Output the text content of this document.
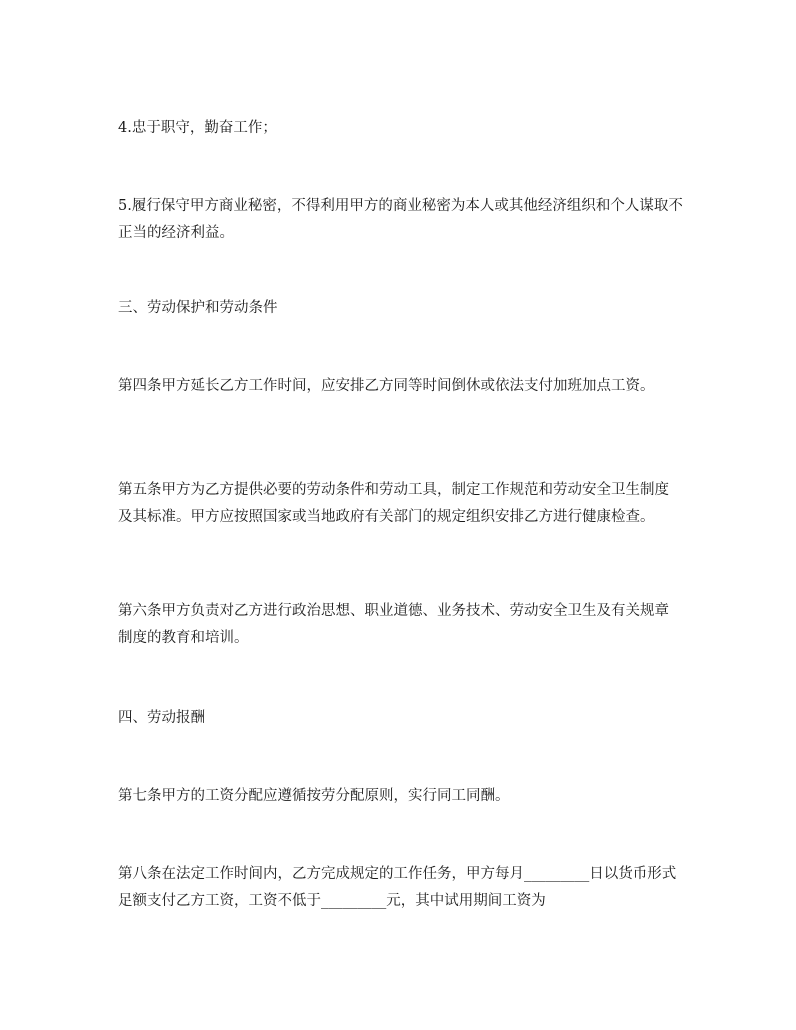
4.忠于职守，勤奋工作；

5.履行保守甲方商业秘密，不得利用甲方的商业秘密为本人或其他经济组织和个人谋取不正当的经济利益。

三、劳动保护和劳动条件

第四条甲方延长乙方工作时间，应安排乙方同等时间倒休或依法支付加班加点工资。

第五条甲方为乙方提供必要的劳动条件和劳动工具，制定工作规范和劳动安全卫生制度及其标准。甲方应按照国家或当地政府有关部门的规定组织安排乙方进行健康检查。

第六条甲方负责对乙方进行政治思想、职业道德、业务技术、劳动安全卫生及有关规章制度的教育和培训。

四、劳动报酬

第七条甲方的工资分配应遵循按劳分配原则，实行同工同酬。

第八条在法定工作时间内，乙方完成规定的工作任务，甲方每月_________日以货币形式足额支付乙方工资，工资不低于_________元，其中试用期间工资为
